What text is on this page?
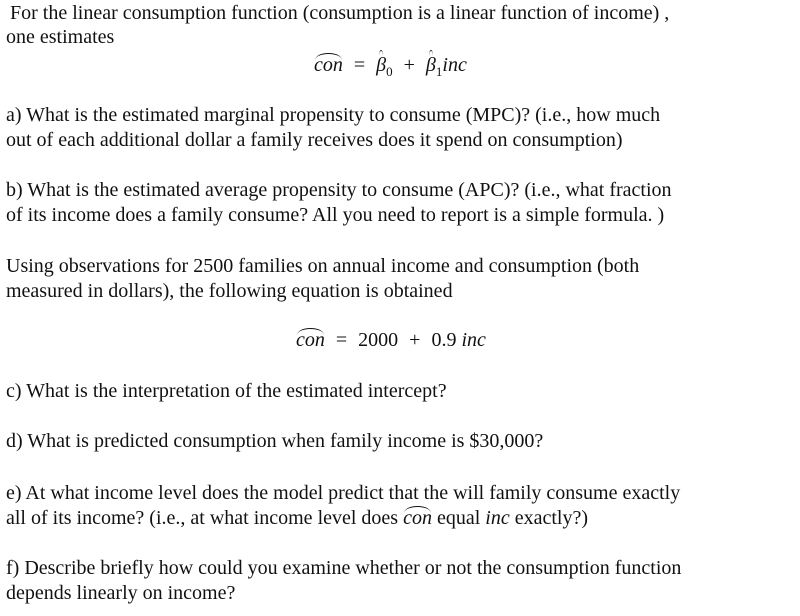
For the linear consumption function (consumption is a linear function of income) ,
one estimates
con = $\beta_0 + \beta_1inc$
a) What is the estimated marginal propensity to consume (MPC)? (i.e., how much
out of each additional dollar a family receives does it spend on consumption)
b) What is the estimated average propensity to consume (APC)? (i.e., what fraction
of its income does a family consume? All you need to report is a simple formula. )
Using observations for 2500 families on annual income and consumption (both
measured in dollars), the following equation is obtained
con = 2000 + 0.9 inc
c) What is the interpretation of the estimated intercept?
d) What is predicted consumption when family income is $30,000?
e) At what income level does the model predict that the will family consume exactly
all of its income? (i.e., at what income level does con equal inc exactly?)
f) Describe briefly how could you examine whether or not the consumption function
depends linearly on income?
